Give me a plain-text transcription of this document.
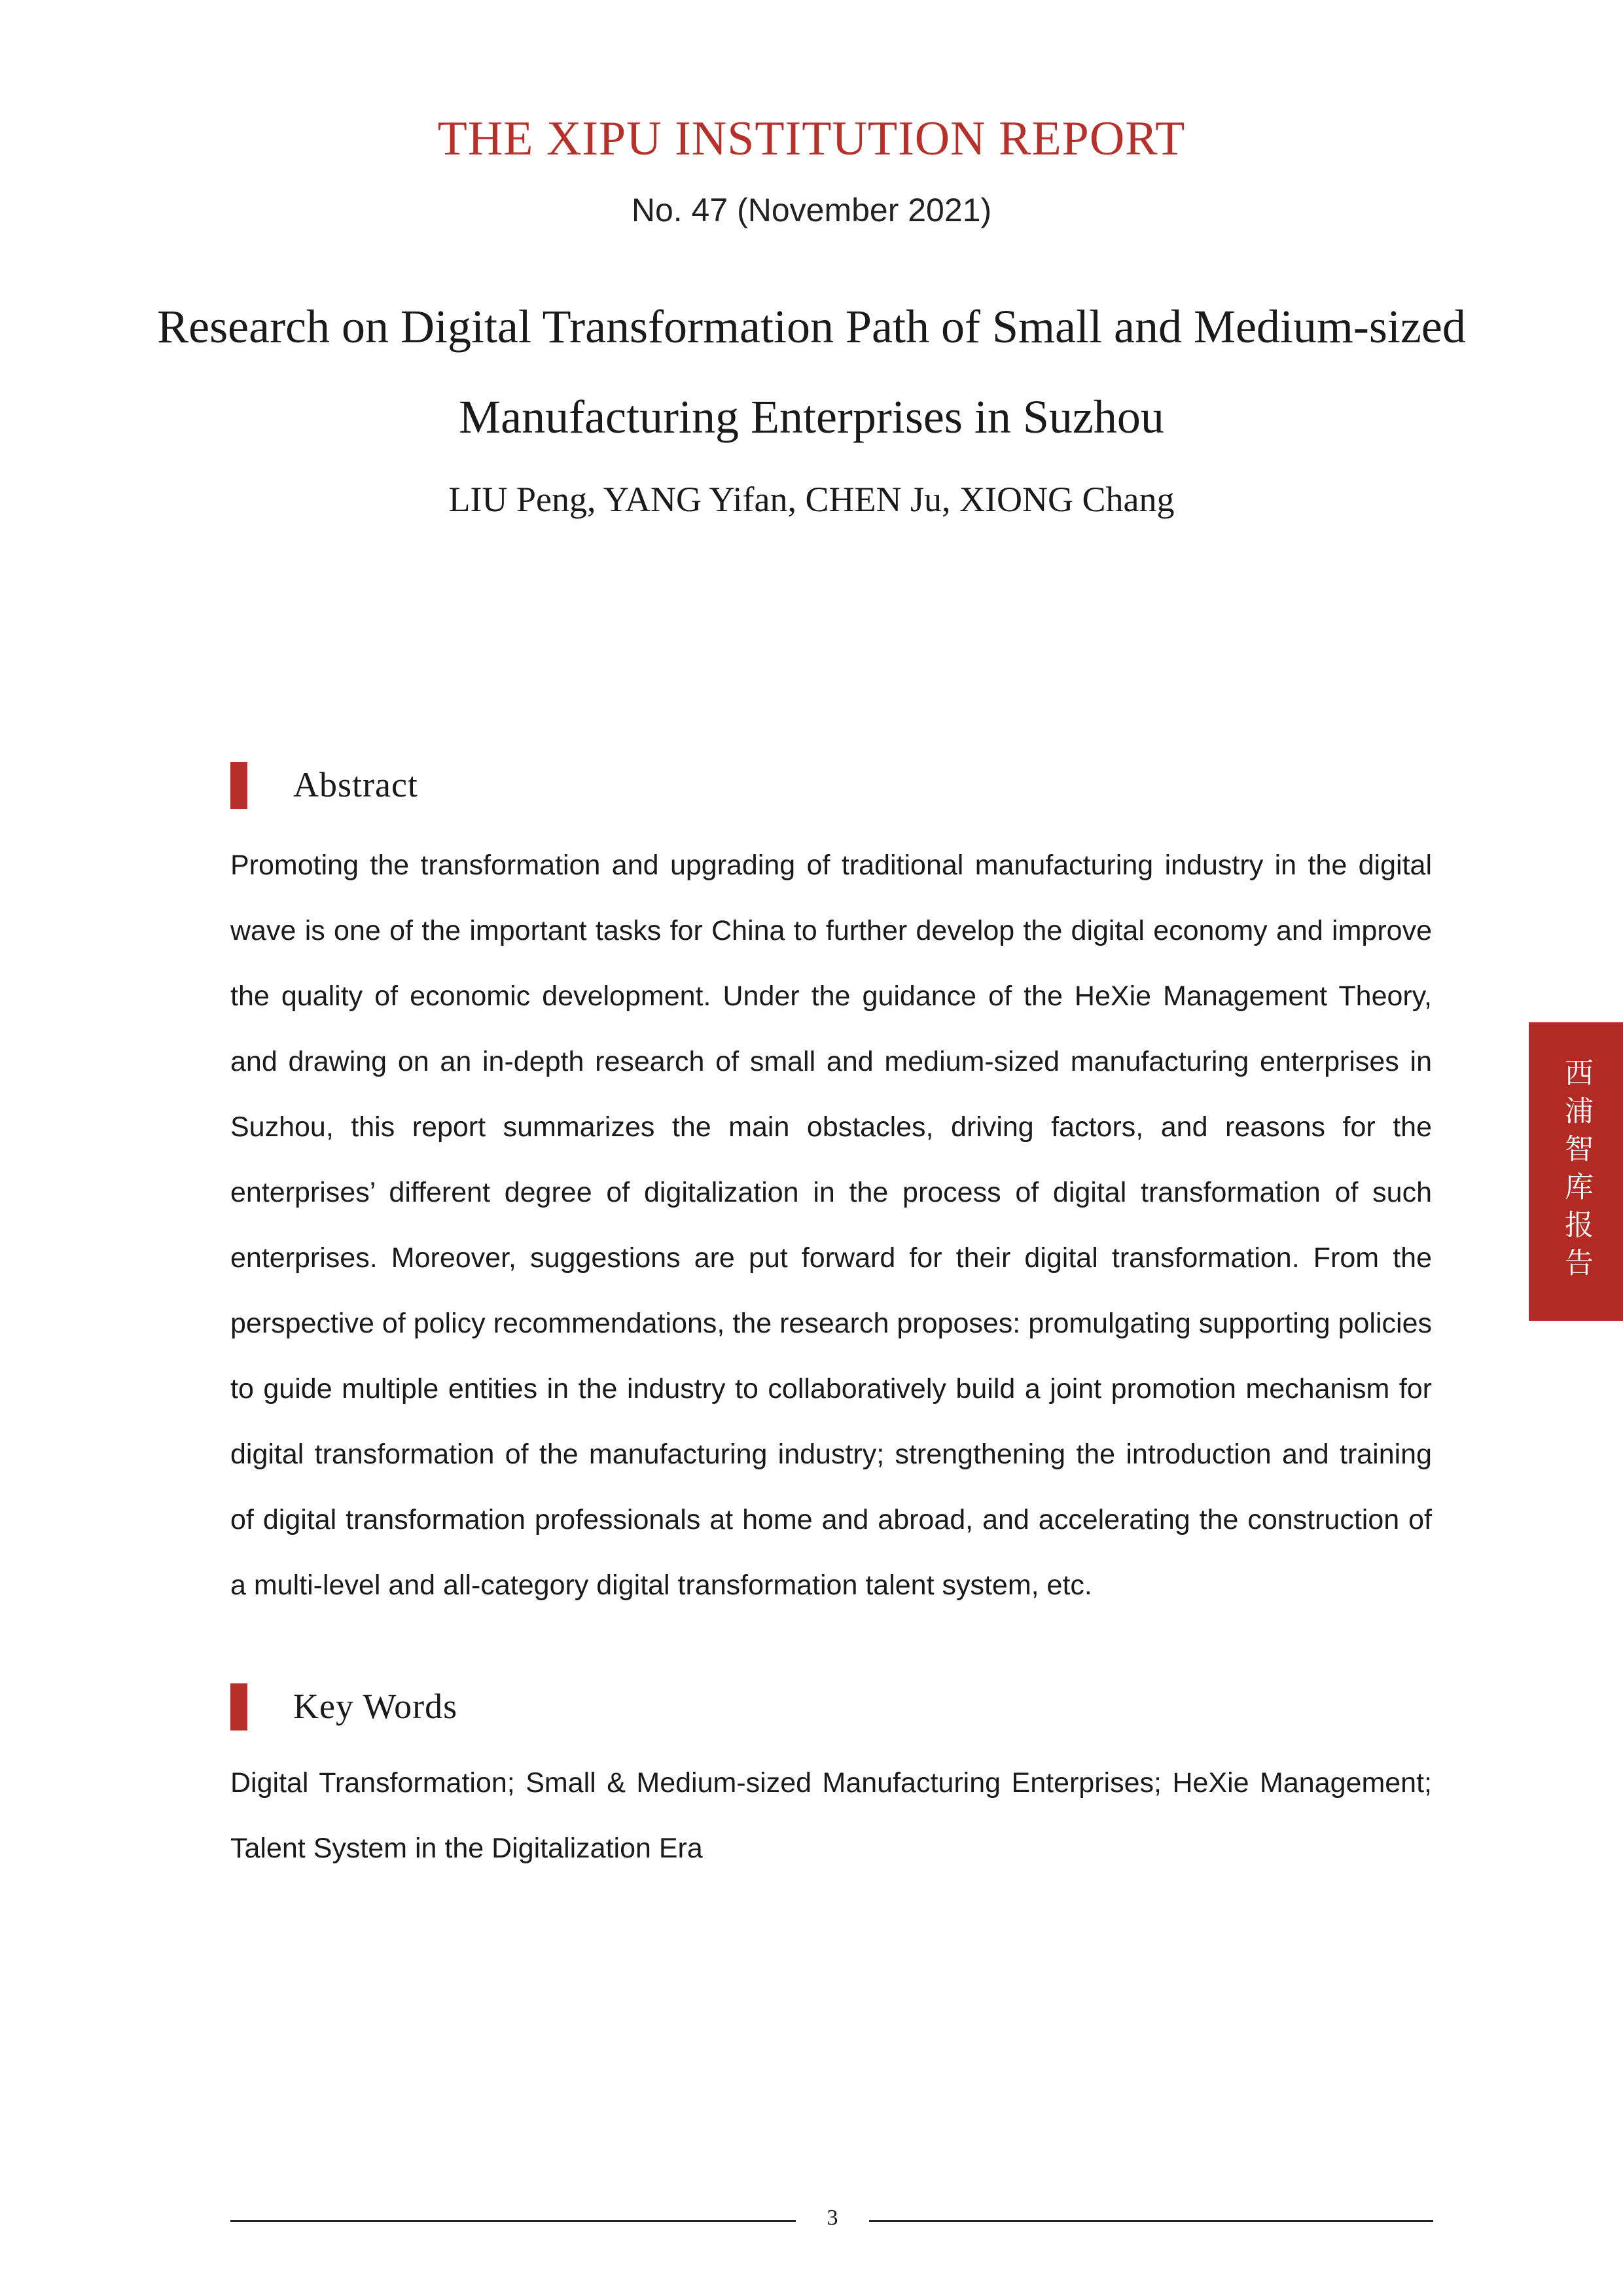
THE XIPU INSTITUTION REPORT
No. 47 (November 2021)
Research on Digital Transformation Path of Small and Medium-sized
Manufacturing Enterprises in Suzhou
LIU Peng, YANG Yifan, CHEN Ju, XIONG Chang
Abstract
Promoting the transformation and upgrading of traditional manufacturing industry in the digital wave is one of the important tasks for China to further develop the digital economy and improve the quality of economic development. Under the guidance of the HeXie Management Theory, and drawing on an in-depth research of small and medium-sized manufacturing enterprises in Suzhou, this report summarizes the main obstacles, driving factors, and reasons for the enterprises’ different degree of digitalization in the process of digital transformation of such enterprises. Moreover, suggestions are put forward for their digital transformation. From the perspective of policy recommendations, the research proposes: promulgating supporting policies to guide multiple entities in the industry to collaboratively build a joint promotion mechanism for digital transformation of the manufacturing industry; strengthening the introduction and training of digital transformation professionals at home and abroad, and accelerating the construction of a multi-level and all-category digital transformation talent system, etc.
Key Words
Digital Transformation; Small & Medium-sized Manufacturing Enterprises; HeXie Management; Talent System in the Digitalization Era
西浦智库报告
3
